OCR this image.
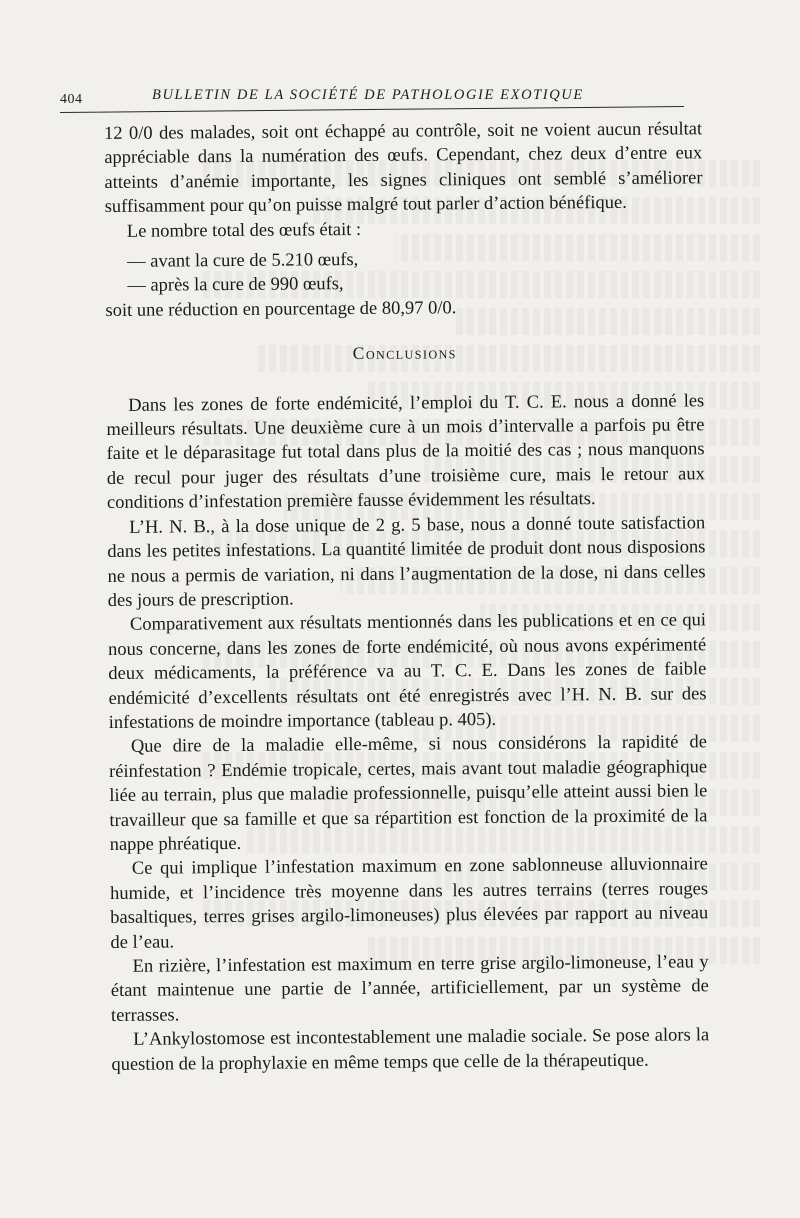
404	BULLETIN DE LA SOCIÉTÉ DE PATHOLOGIE EXOTIQUE

12 0/0 des malades, soit ont échappé au contrôle, soit ne voient aucun résultat appréciable dans la numération des œufs. Cependant, chez deux d’entre eux atteints d’anémie importante, les signes cliniques ont semblé s’améliorer suffisamment pour qu’on puisse malgré tout parler d’action bénéfique.

Le nombre total des œufs était :

— avant la cure de 5.210 œufs,

— après la cure de 990 œufs,

soit une réduction en pourcentage de 80,97 0/0.

Conclusions

Dans les zones de forte endémicité, l’emploi du T. C. E. nous a donné les meilleurs résultats. Une deuxième cure à un mois d’intervalle a parfois pu être faite et le déparasitage fut total dans plus de la moitié des cas ; nous manquons de recul pour juger des résultats d’une troisième cure, mais le retour aux conditions d’infestation première fausse évidemment les résultats.

L’H. N. B., à la dose unique de 2 g. 5 base, nous a donné toute satisfaction dans les petites infestations. La quantité limitée de produit dont nous disposions ne nous a permis de variation, ni dans l’augmentation de la dose, ni dans celles des jours de prescription.

Comparativement aux résultats mentionnés dans les publications et en ce qui nous concerne, dans les zones de forte endémicité, où nous avons expérimenté deux médicaments, la préférence va au T. C. E. Dans les zones de faible endémicité d’excellents résultats ont été enregistrés avec l’H. N. B. sur des infestations de moindre importance (tableau p. 405).

Que dire de la maladie elle-même, si nous considérons la rapidité de réinfestation ? Endémie tropicale, certes, mais avant tout maladie géographique liée au terrain, plus que maladie professionnelle, puisqu’elle atteint aussi bien le travailleur que sa famille et que sa répartition est fonction de la proximité de la nappe phréatique.

Ce qui implique l’infestation maximum en zone sablonneuse alluvionnaire humide, et l’incidence très moyenne dans les autres terrains (terres rouges basaltiques, terres grises argilo-limoneuses) plus élevées par rapport au niveau de l’eau.

En rizière, l’infestation est maximum en terre grise argilo-limoneuse, l’eau y étant maintenue une partie de l’année, artificiellement, par un système de terrasses.

L’Ankylostomose est incontestablement une maladie sociale. Se pose alors la question de la prophylaxie en même temps que celle de la thérapeutique.
